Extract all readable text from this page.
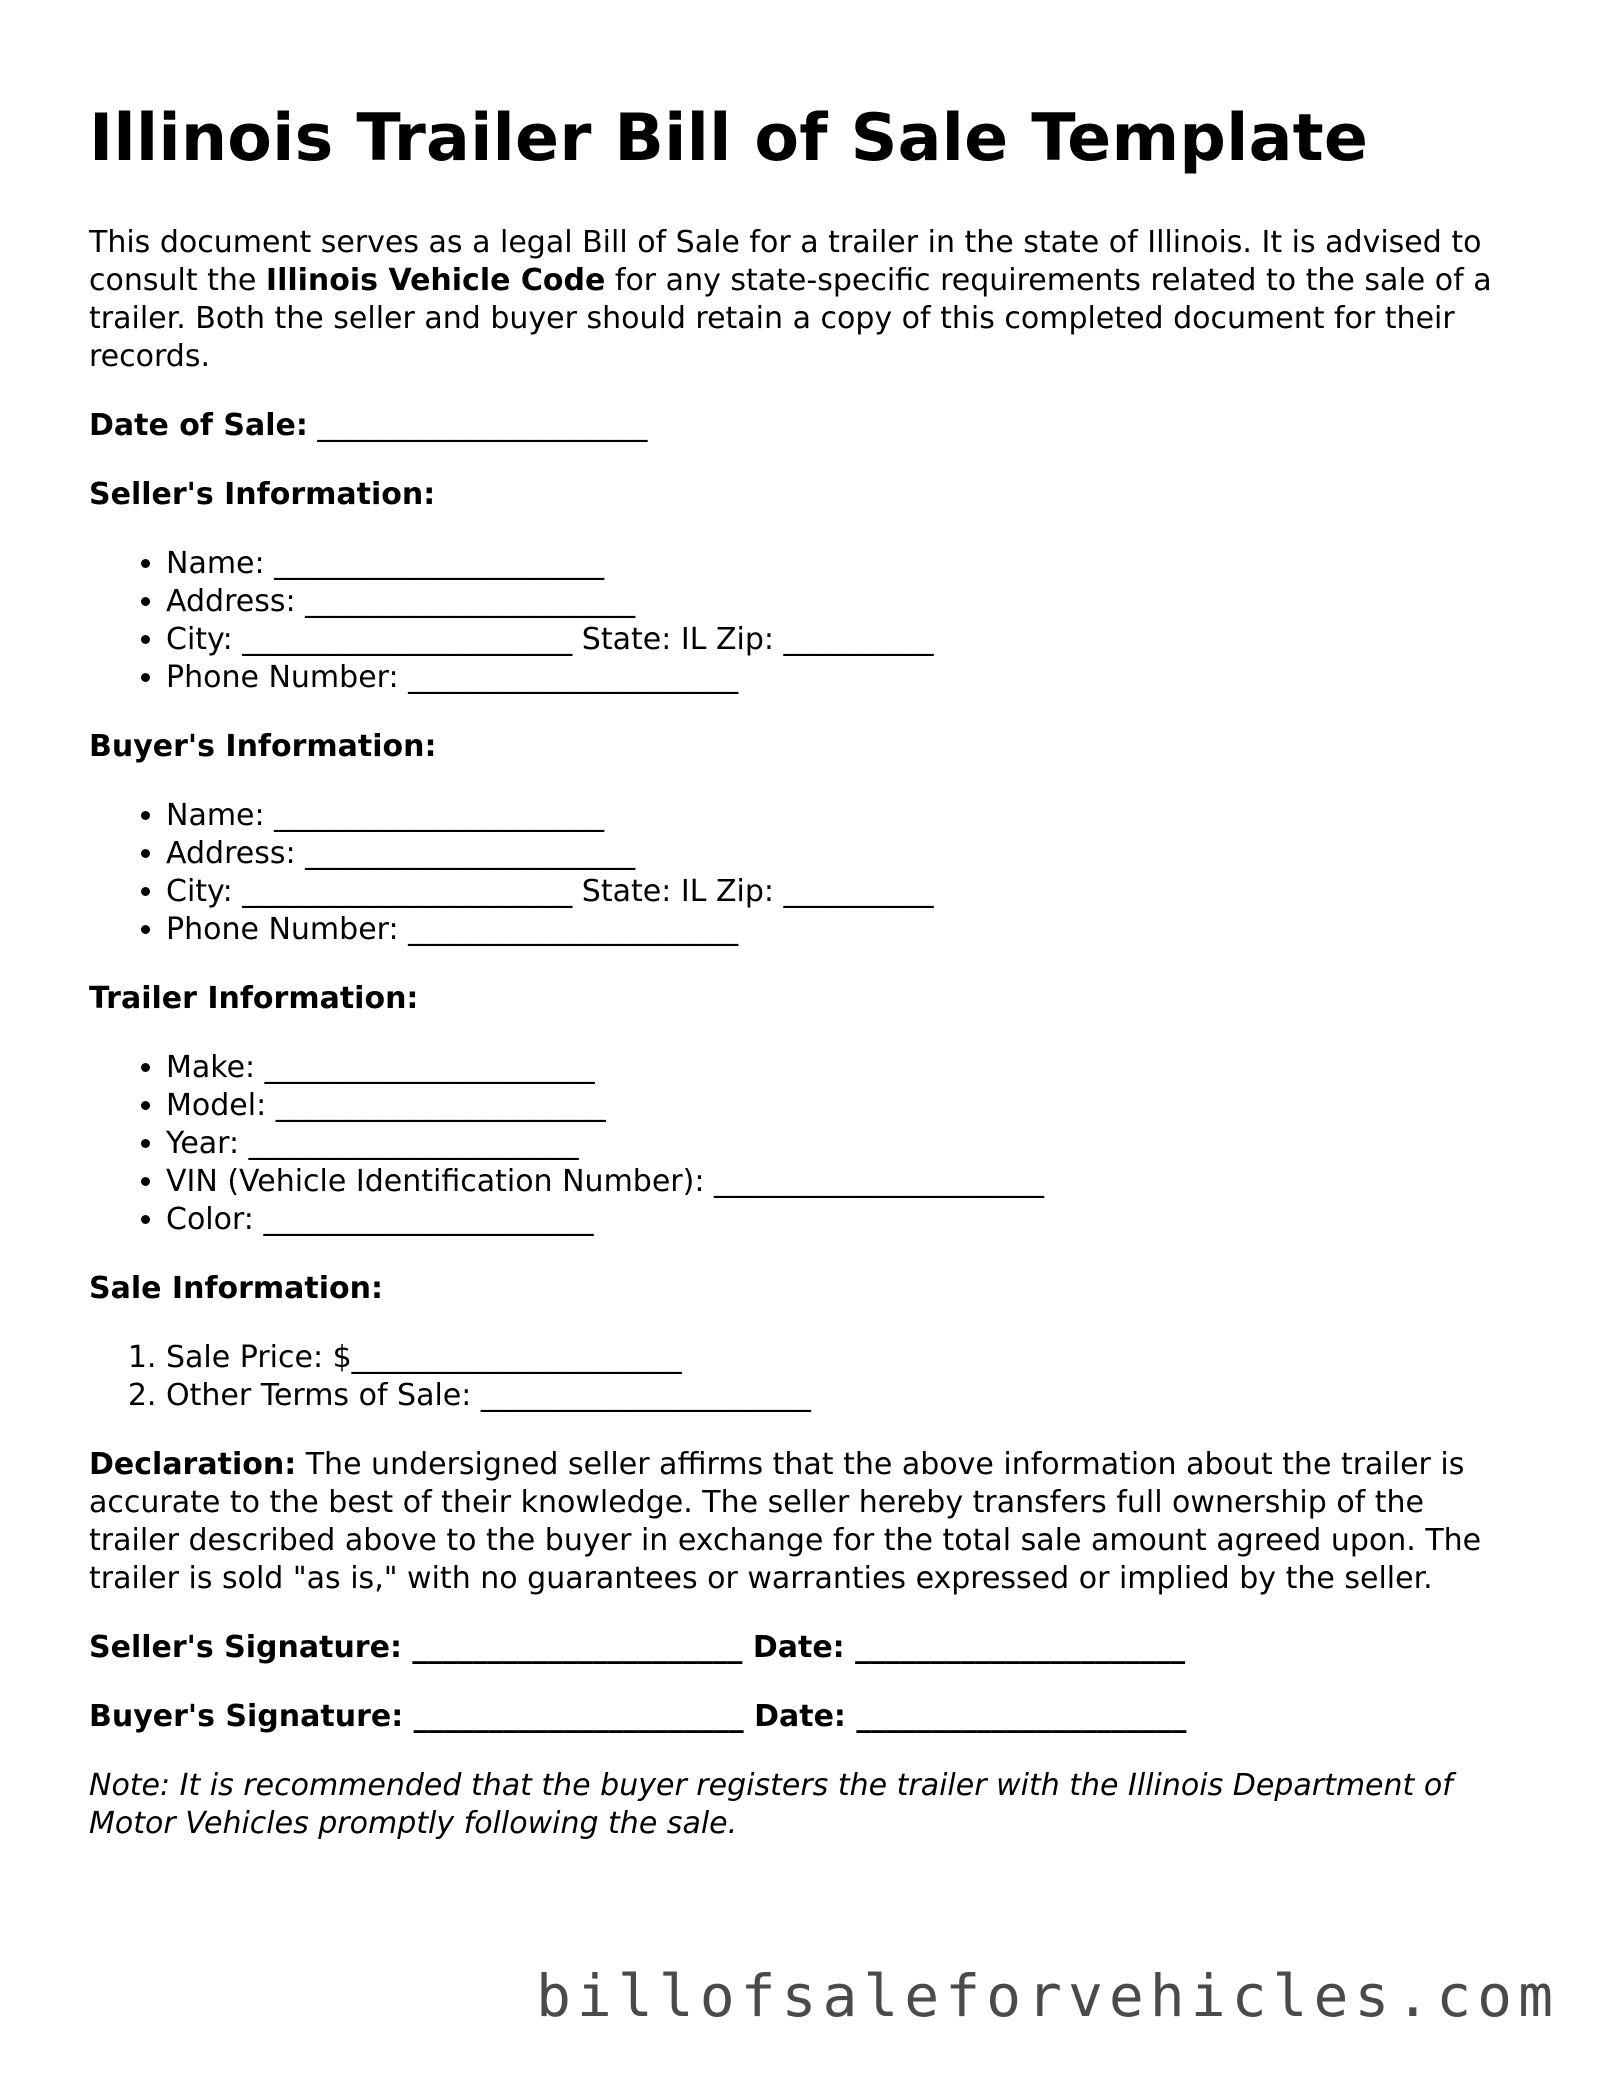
Illinois Trailer Bill of Sale Template

This document serves as a legal Bill of Sale for a trailer in the state of Illinois. It is advised to consult the Illinois Vehicle Code for any state-specific requirements related to the sale of a trailer. Both the seller and buyer should retain a copy of this completed document for their records.

Date of Sale: ______________________

Seller's Information:
• Name: ______________________
• Address: ______________________
• City: ______________________ State: IL Zip: __________
• Phone Number: ______________________
Buyer's Information:
• Name: ______________________
• Address: ______________________
• City: ______________________ State: IL Zip: __________
• Phone Number: ______________________
Trailer Information:
• Make: ______________________
• Model: ______________________
• Year: ______________________
• VIN (Vehicle Identification Number): ______________________
• Color: ______________________
Sale Information:
1. Sale Price: $______________________
2. Other Terms of Sale: ______________________

Declaration: The undersigned seller affirms that the above information about the trailer is accurate to the best of their knowledge. The seller hereby transfers full ownership of the trailer described above to the buyer in exchange for the total sale amount agreed upon. The trailer is sold "as is," with no guarantees or warranties expressed or implied by the seller.

Seller's Signature: ______________________ Date: ______________________

Buyer's Signature: ______________________ Date: ______________________

Note: It is recommended that the buyer registers the trailer with the Illinois Department of Motor Vehicles promptly following the sale.

billofsaleforvehicles.com
